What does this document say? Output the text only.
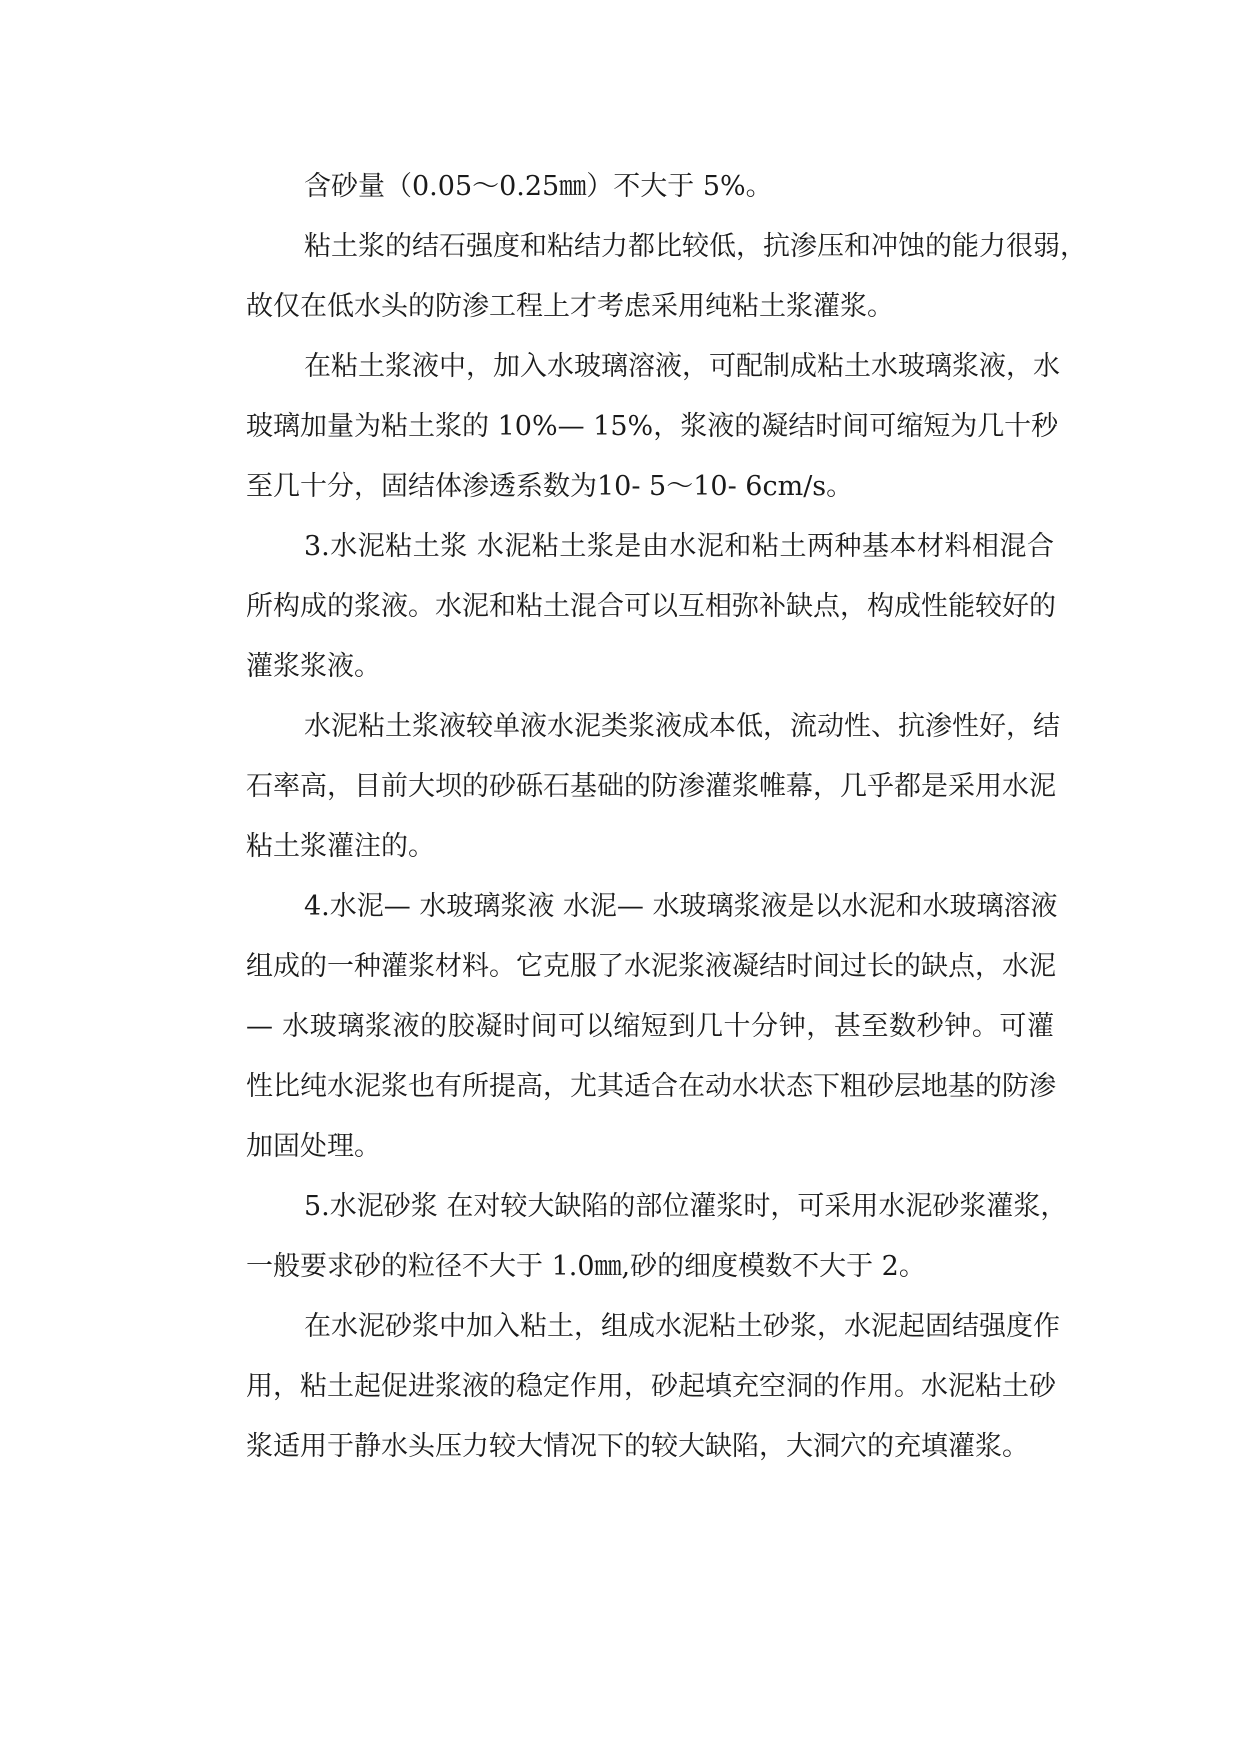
含砂量（0.05～0.25㎜）不大于 5%。
粘土浆的结石强度和粘结力都比较低，抗渗压和冲蚀的能力很弱，
故仅在低水头的防渗工程上才考虑采用纯粘土浆灌浆。
在粘土浆液中，加入水玻璃溶液，可配制成粘土水玻璃浆液，水
玻璃加量为粘土浆的 10%— 15%，浆液的凝结时间可缩短为几十秒
至几十分，固结体渗透系数为10- 5～10- 6cm/s。
3.水泥粘土浆 水泥粘土浆是由水泥和粘土两种基本材料相混合
所构成的浆液。水泥和粘土混合可以互相弥补缺点，构成性能较好的
灌浆浆液。
水泥粘土浆液较单液水泥类浆液成本低，流动性、抗渗性好，结
石率高，目前大坝的砂砾石基础的防渗灌浆帷幕，几乎都是采用水泥
粘土浆灌注的。
4.水泥— 水玻璃浆液 水泥— 水玻璃浆液是以水泥和水玻璃溶液
组成的一种灌浆材料。它克服了水泥浆液凝结时间过长的缺点，水泥
— 水玻璃浆液的胶凝时间可以缩短到几十分钟，甚至数秒钟。可灌
性比纯水泥浆也有所提高，尤其适合在动水状态下粗砂层地基的防渗
加固处理。
5.水泥砂浆 在对较大缺陷的部位灌浆时，可采用水泥砂浆灌浆，
一般要求砂的粒径不大于 1.0㎜,砂的细度模数不大于 2。
在水泥砂浆中加入粘土，组成水泥粘土砂浆，水泥起固结强度作
用，粘土起促进浆液的稳定作用，砂起填充空洞的作用。水泥粘土砂
浆适用于静水头压力较大情况下的较大缺陷，大洞穴的充填灌浆。
